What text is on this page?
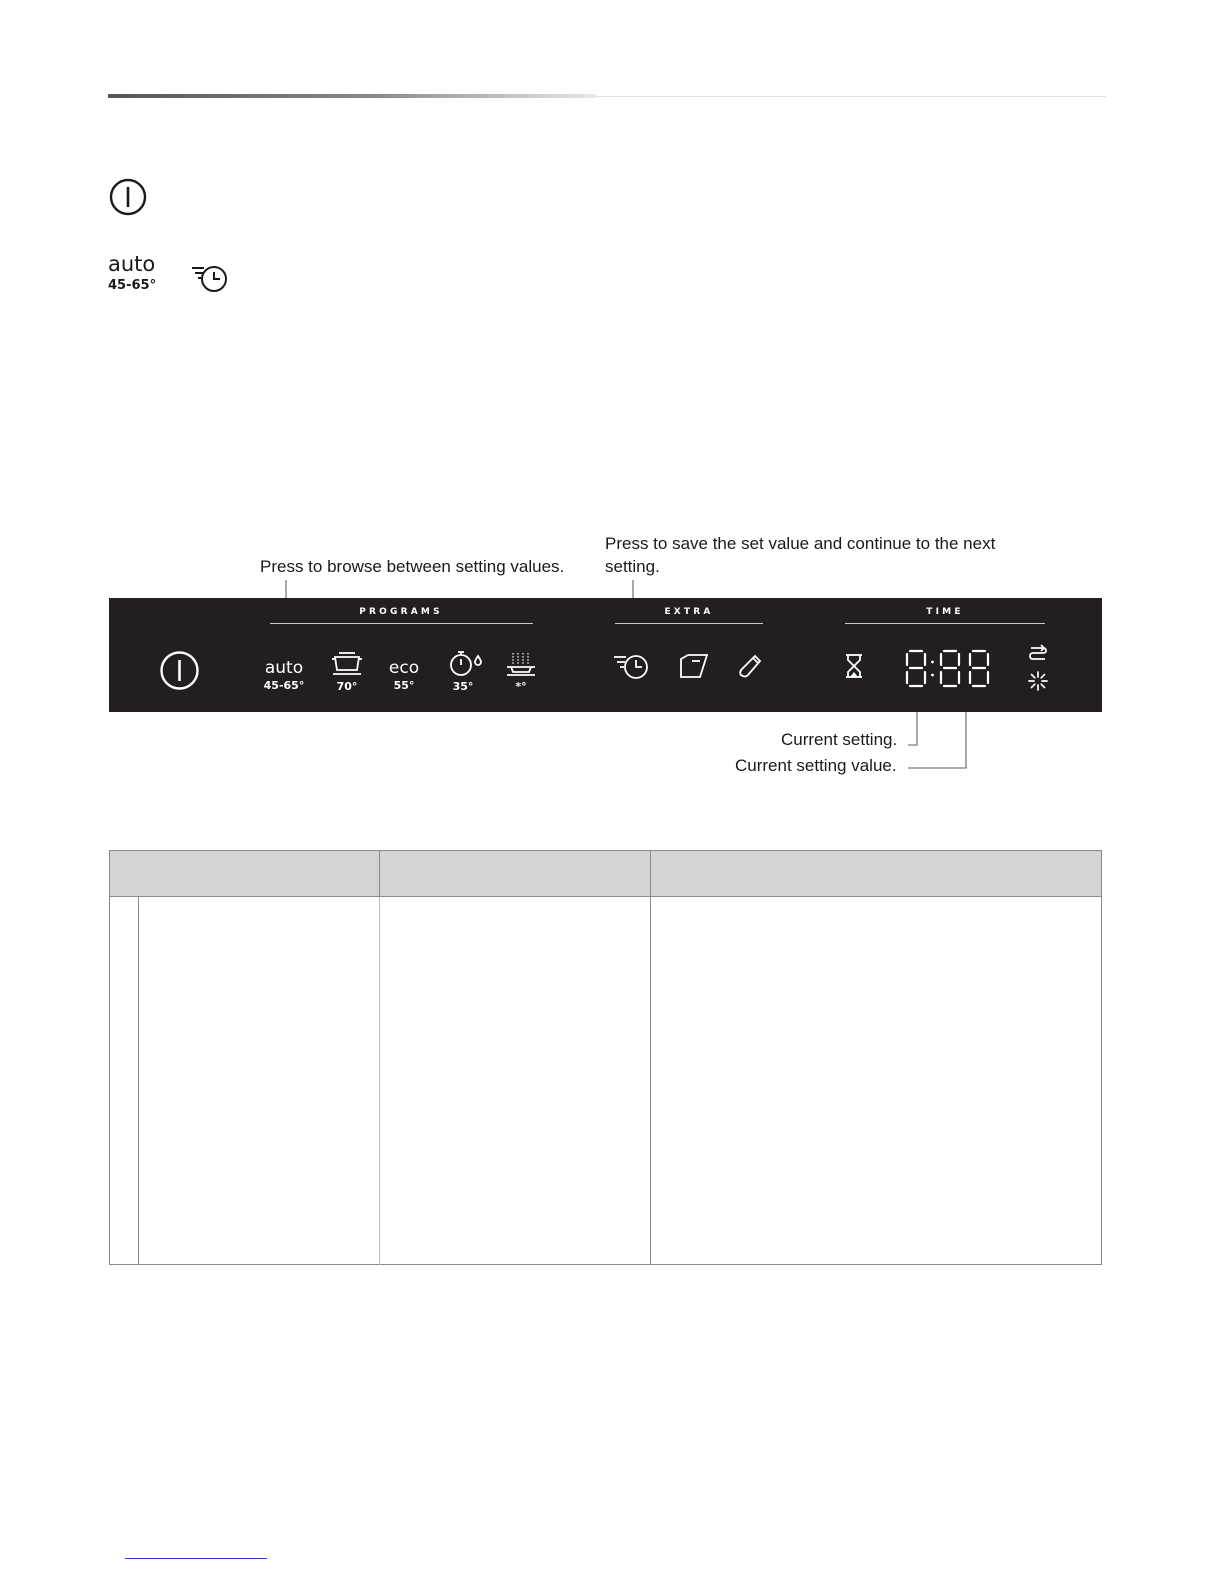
auto
45-65°
Press to browse between setting values.
Press to save the set value and continue to the next
setting.
Current setting.
Current setting value.
PROGRAMS	EXTRA	TIME
auto
45-65°	70°
eco
55°	35°	*°
